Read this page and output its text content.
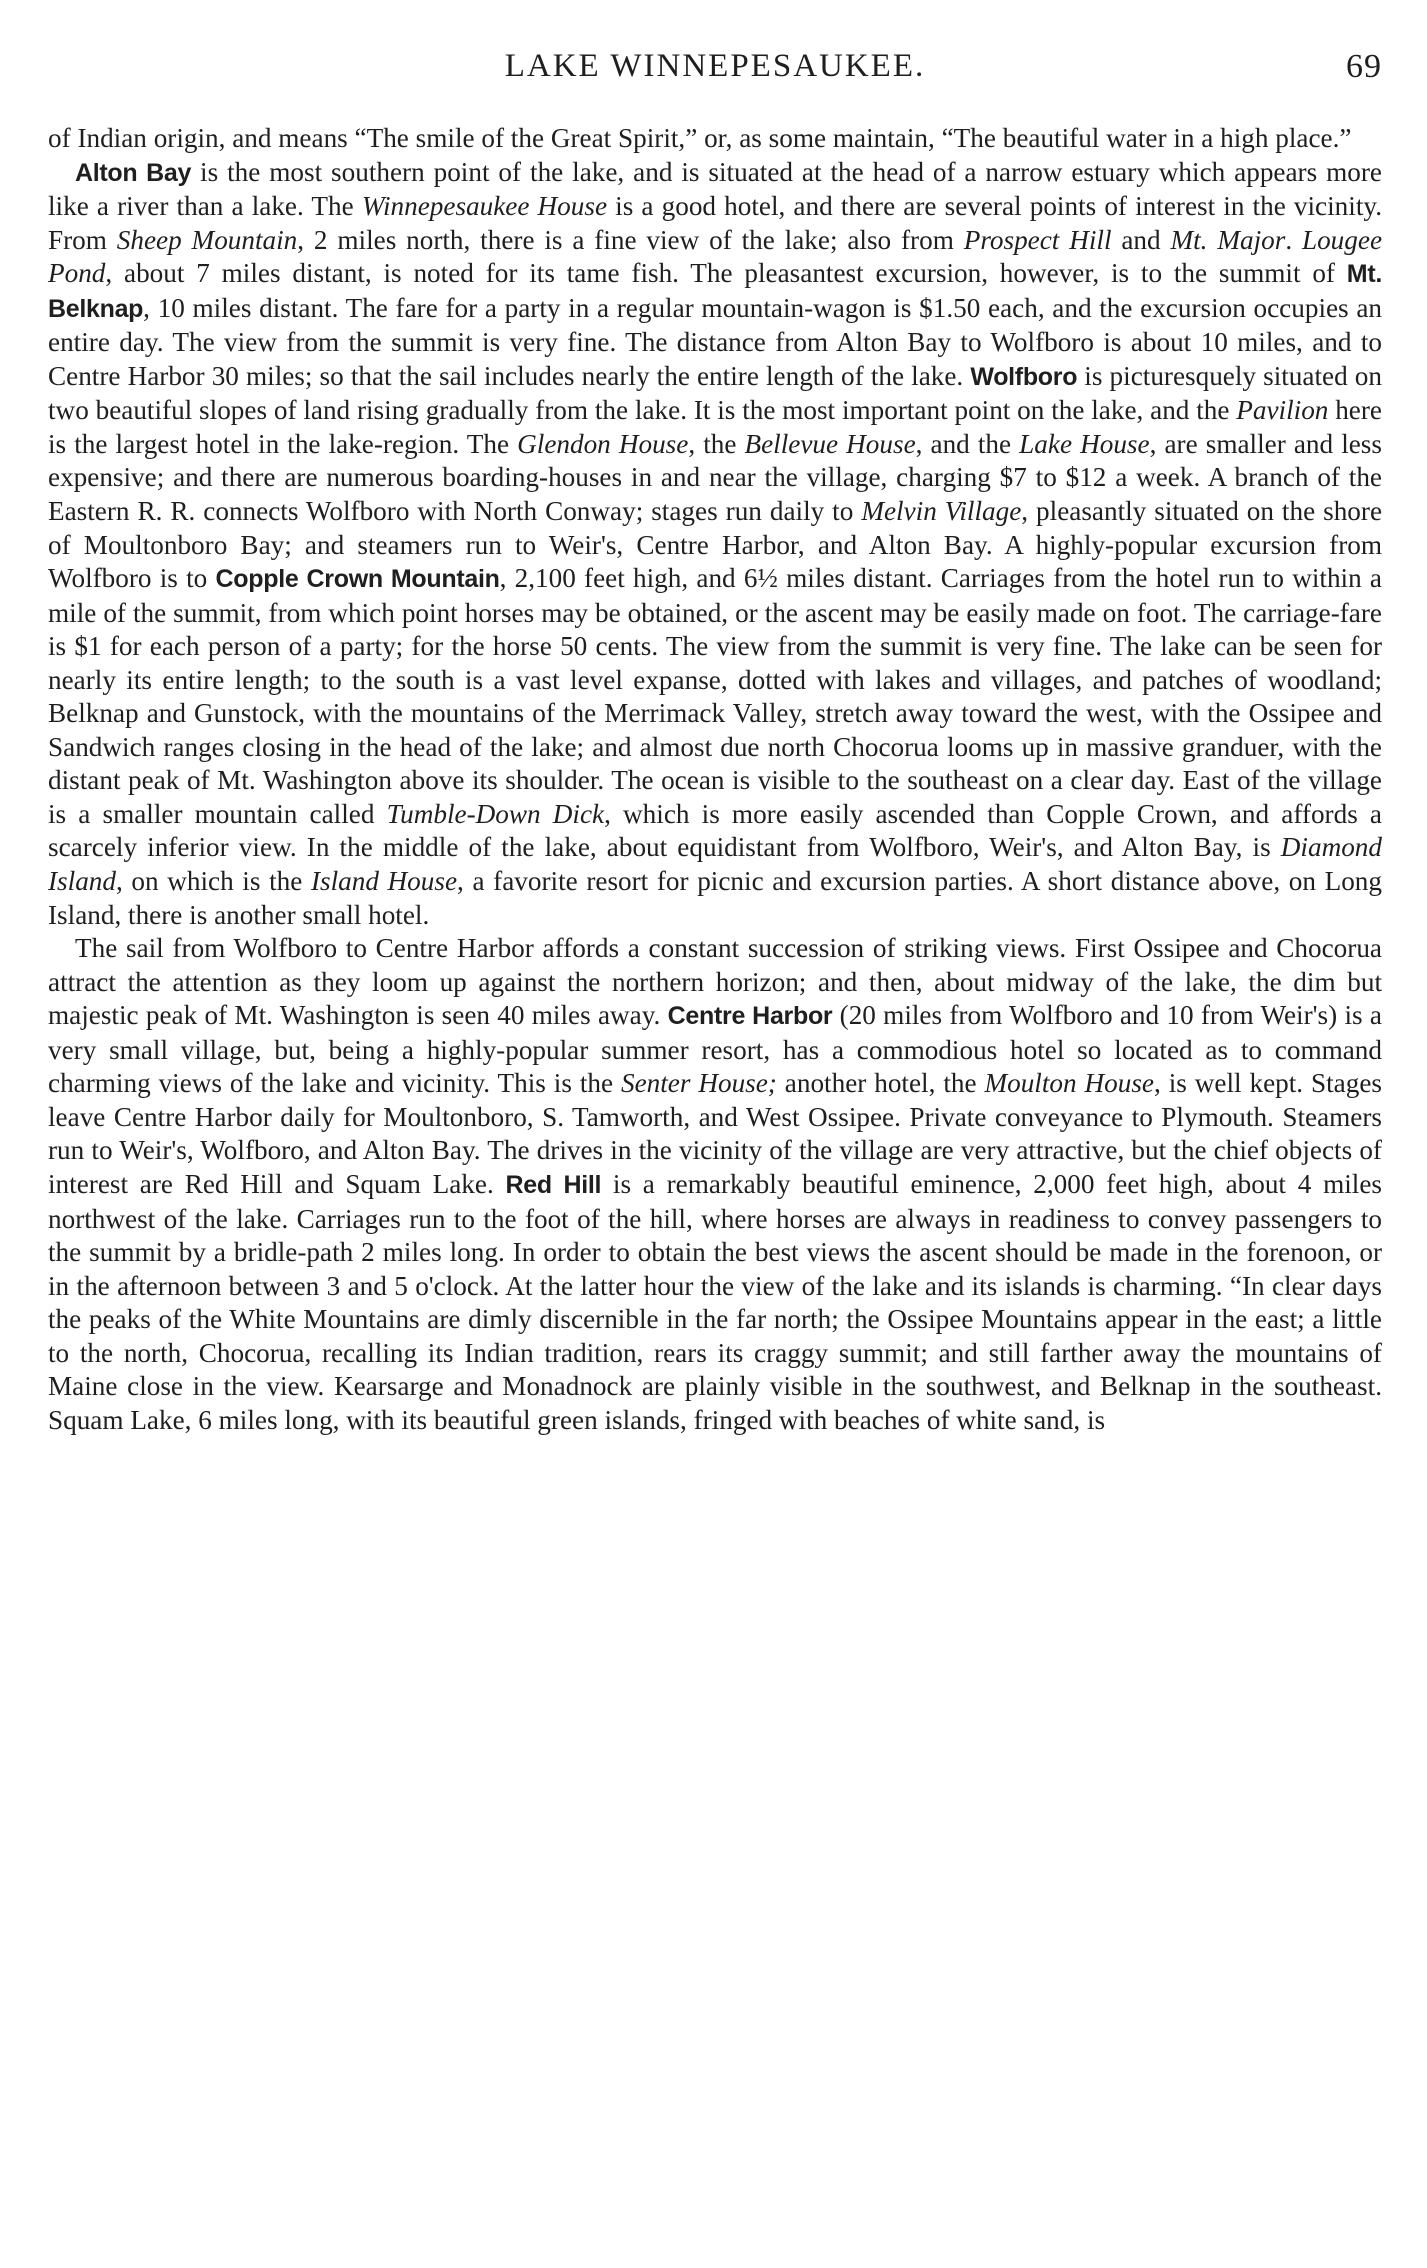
LAKE WINNEPESAUKEE.	69

of Indian origin, and means “The smile of the Great Spirit,” or, as some maintain, “The beautiful water in a high place.”

Alton Bay is the most southern point of the lake, and is situated at the head of a narrow estuary which appears more like a river than a lake. The Winnepesaukee House is a good hotel, and there are several points of interest in the vicinity. From Sheep Mountain, 2 miles north, there is a fine view of the lake; also from Prospect Hill and Mt. Major. Lougee Pond, about 7 miles distant, is noted for its tame fish. The pleasantest excursion, however, is to the summit of Mt. Belknap, 10 miles distant. The fare for a party in a regular mountain-wagon is $1.50 each, and the excursion occupies an entire day. The view from the summit is very fine. The distance from Alton Bay to Wolfboro is about 10 miles, and to Centre Harbor 30 miles; so that the sail includes nearly the entire length of the lake. Wolfboro is picturesquely situated on two beautiful slopes of land rising gradually from the lake. It is the most important point on the lake, and the Pavilion here is the largest hotel in the lake-region. The Glendon House, the Bellevue House, and the Lake House, are smaller and less expensive; and there are numerous boarding-houses in and near the village, charging $7 to $12 a week. A branch of the Eastern R. R. connects Wolfboro with North Conway; stages run daily to Melvin Village, pleasantly situated on the shore of Moultonboro Bay; and steamers run to Weir's, Centre Harbor, and Alton Bay. A highly-popular excursion from Wolfboro is to Copple Crown Mountain, 2,100 feet high, and 6½ miles distant. Carriages from the hotel run to within a mile of the summit, from which point horses may be obtained, or the ascent may be easily made on foot. The carriage-fare is $1 for each person of a party; for the horse 50 cents. The view from the summit is very fine. The lake can be seen for nearly its entire length; to the south is a vast level expanse, dotted with lakes and villages, and patches of woodland; Belknap and Gunstock, with the mountains of the Merrimack Valley, stretch away toward the west, with the Ossipee and Sandwich ranges closing in the head of the lake; and almost due north Chocorua looms up in massive granduer, with the distant peak of Mt. Washington above its shoulder. The ocean is visible to the southeast on a clear day. East of the village is a smaller mountain called Tumble-Down Dick, which is more easily ascended than Copple Crown, and affords a scarcely inferior view. In the middle of the lake, about equidistant from Wolfboro, Weir's, and Alton Bay, is Diamond Island, on which is the Island House, a favorite resort for picnic and excursion parties. A short distance above, on Long Island, there is another small hotel.

The sail from Wolfboro to Centre Harbor affords a constant succession of striking views. First Ossipee and Chocorua attract the attention as they loom up against the northern horizon; and then, about midway of the lake, the dim but majestic peak of Mt. Washington is seen 40 miles away. Centre Harbor (20 miles from Wolfboro and 10 from Weir's) is a very small village, but, being a highly-popular summer resort, has a commodious hotel so located as to command charming views of the lake and vicinity. This is the Senter House; another hotel, the Moulton House, is well kept. Stages leave Centre Harbor daily for Moultonboro, S. Tamworth, and West Ossipee. Private conveyance to Plymouth. Steamers run to Weir's, Wolfboro, and Alton Bay. The drives in the vicinity of the village are very attractive, but the chief objects of interest are Red Hill and Squam Lake. Red Hill is a remarkably beautiful eminence, 2,000 feet high, about 4 miles northwest of the lake. Carriages run to the foot of the hill, where horses are always in readiness to convey passengers to the summit by a bridle-path 2 miles long. In order to obtain the best views the ascent should be made in the forenoon, or in the afternoon between 3 and 5 o'clock. At the latter hour the view of the lake and its islands is charming. “In clear days the peaks of the White Mountains are dimly discernible in the far north; the Ossipee Mountains appear in the east; a little to the north, Chocorua, recalling its Indian tradition, rears its craggy summit; and still farther away the mountains of Maine close in the view. Kearsarge and Monadnock are plainly visible in the southwest, and Belknap in the southeast. Squam Lake, 6 miles long, with its beautiful green islands, fringed with beaches of white sand, is
